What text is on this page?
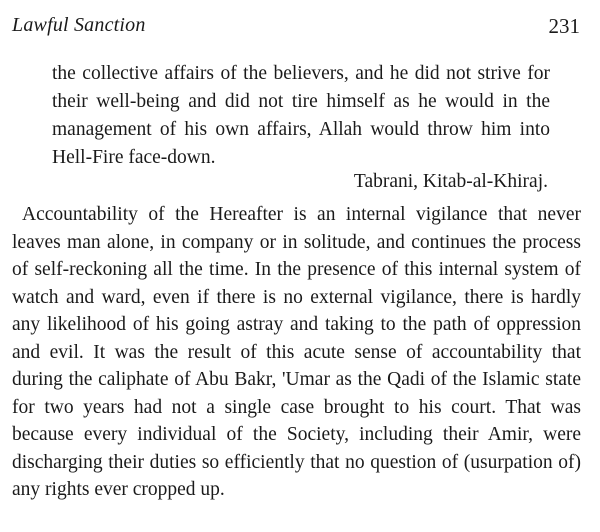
Lawful Sanction	231

the collective affairs of the believers, and he did not strive for their well-being and did not tire himself as he would in the management of his own affairs, Allah would throw him into Hell-Fire face-down.

Tabrani, Kitab-al-Khiraj.

Accountability of the Hereafter is an internal vigilance that never leaves man alone, in company or in solitude, and continues the process of self-reckoning all the time. In the presence of this internal system of watch and ward, even if there is no external vigilance, there is hardly any likelihood of his going astray and taking to the path of oppression and evil. It was the result of this acute sense of accountability that during the caliphate of Abu Bakr, 'Umar as the Qadi of the Islamic state for two years had not a single case brought to his court. That was because every individual of the Society, including their Amir, were discharging their duties so efficiently that no question of (usurpation of) any rights ever cropped up.
